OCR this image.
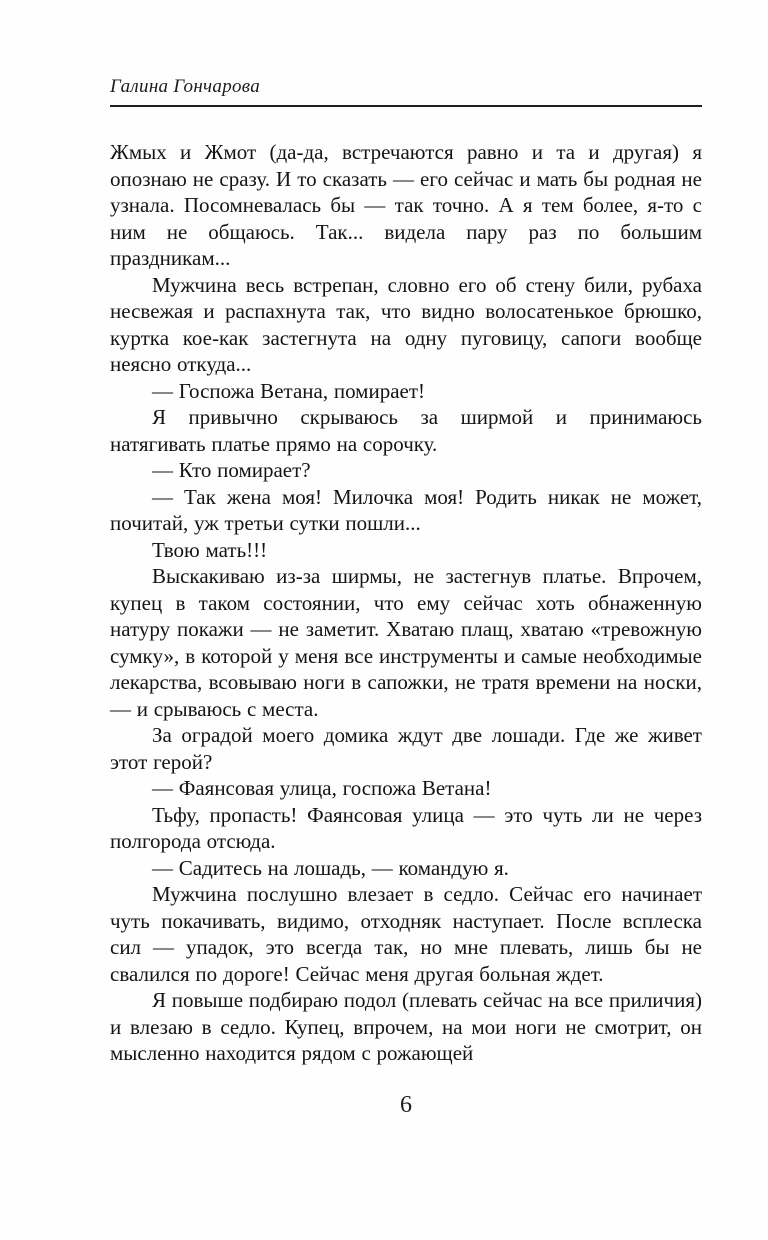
Галина Гончарова

Жмых и Жмот (да-да, встречаются равно и та и другая) я опознаю не сразу. И то сказать — его сейчас и мать бы родная не узнала. Посомневалась бы — так точно. А я тем более, я-то с ним не общаюсь. Так... видела пару раз по большим праздникам...

Мужчина весь встрепан, словно его об стену били, рубаха несвежая и распахнута так, что видно волосатенькое брюшко, куртка кое-как застегнута на одну пуговицу, сапоги вообще неясно откуда...

— Госпожа Ветана, помирает!

Я привычно скрываюсь за ширмой и принимаюсь натягивать платье прямо на сорочку.

— Кто помирает?

— Так жена моя! Милочка моя! Родить никак не может, почитай, уж третьи сутки пошли...

Твою мать!!!

Выскакиваю из-за ширмы, не застегнув платье. Впрочем, купец в таком состоянии, что ему сейчас хоть обнаженную натуру покажи — не заметит. Хватаю плащ, хватаю «тревожную сумку», в которой у меня все инструменты и самые необходимые лекарства, всовываю ноги в сапожки, не тратя времени на носки, — и срываюсь с места.

За оградой моего домика ждут две лошади. Где же живет этот герой?

— Фаянсовая улица, госпожа Ветана!

Тьфу, пропасть! Фаянсовая улица — это чуть ли не через полгорода отсюда.

— Садитесь на лошадь, — командую я.

Мужчина послушно влезает в седло. Сейчас его начинает чуть покачивать, видимо, отходняк наступает. После всплеска сил — упадок, это всегда так, но мне плевать, лишь бы не свалился по дороге! Сейчас меня другая больная ждет.

Я повыше подбираю подол (плевать сейчас на все приличия) и влезаю в седло. Купец, впрочем, на мои ноги не смотрит, он мысленно находится рядом с рожающей

6
